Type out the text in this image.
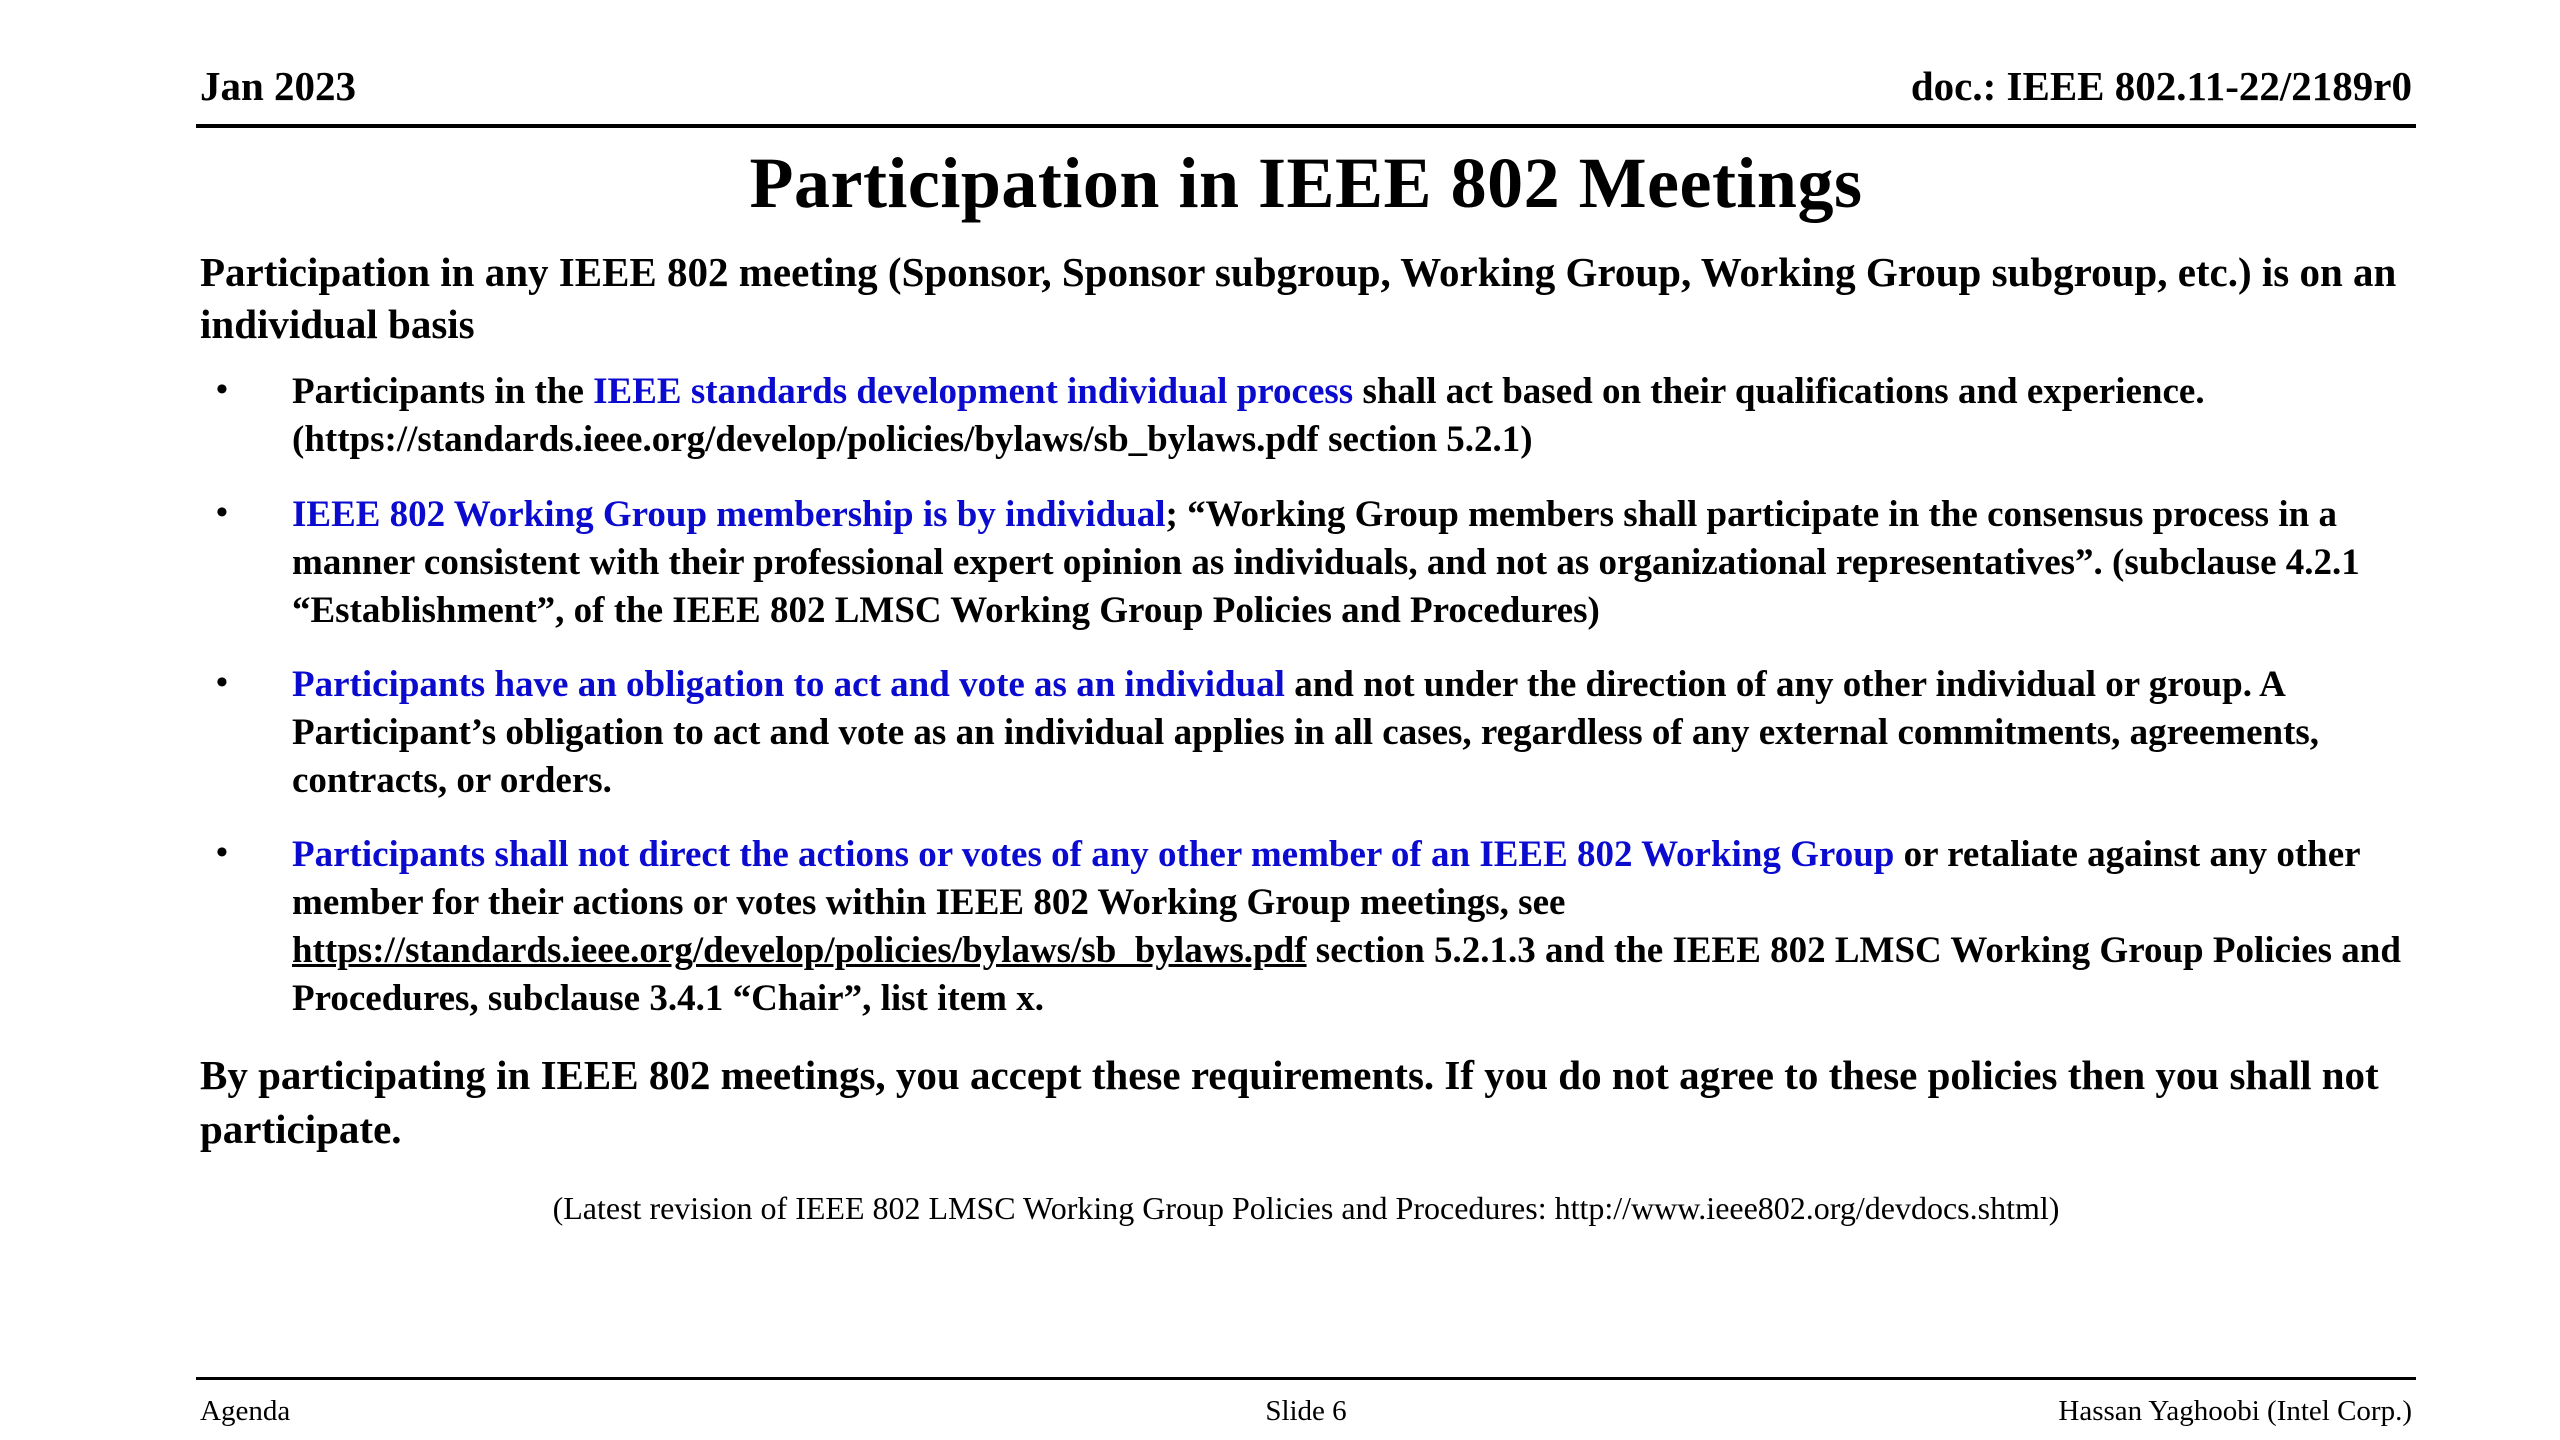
Jan 2023	doc.: IEEE 802.11-22/2189r0
Participation in IEEE 802 Meetings
Participation in any IEEE 802 meeting (Sponsor, Sponsor subgroup, Working Group, Working Group subgroup, etc.) is on an individual basis
• Participants in the IEEE standards development individual process shall act based on their qualifications and experience. (https://standards.ieee.org/develop/policies/bylaws/sb_bylaws.pdf section 5.2.1)
• IEEE 802 Working Group membership is by individual; “Working Group members shall participate in the consensus process in a manner consistent with their professional expert opinion as individuals, and not as organizational representatives”. (subclause 4.2.1 “Establishment”, of the IEEE 802 LMSC Working Group Policies and Procedures)
• Participants have an obligation to act and vote as an individual and not under the direction of any other individual or group. A Participant’s obligation to act and vote as an individual applies in all cases, regardless of any external commitments, agreements, contracts, or orders.
• Participants shall not direct the actions or votes of any other member of an IEEE 802 Working Group or retaliate against any other member for their actions or votes within IEEE 802 Working Group meetings, see https://standards.ieee.org/develop/policies/bylaws/sb_bylaws.pdf section 5.2.1.3 and the IEEE 802 LMSC Working Group Policies and Procedures, subclause 3.4.1 “Chair”, list item x.
By participating in IEEE 802 meetings, you accept these requirements. If you do not agree to these policies then you shall not participate.
(Latest revision of IEEE 802 LMSC Working Group Policies and Procedures: http://www.ieee802.org/devdocs.shtml)
Agenda	Slide 6	Hassan Yaghoobi (Intel Corp.)
